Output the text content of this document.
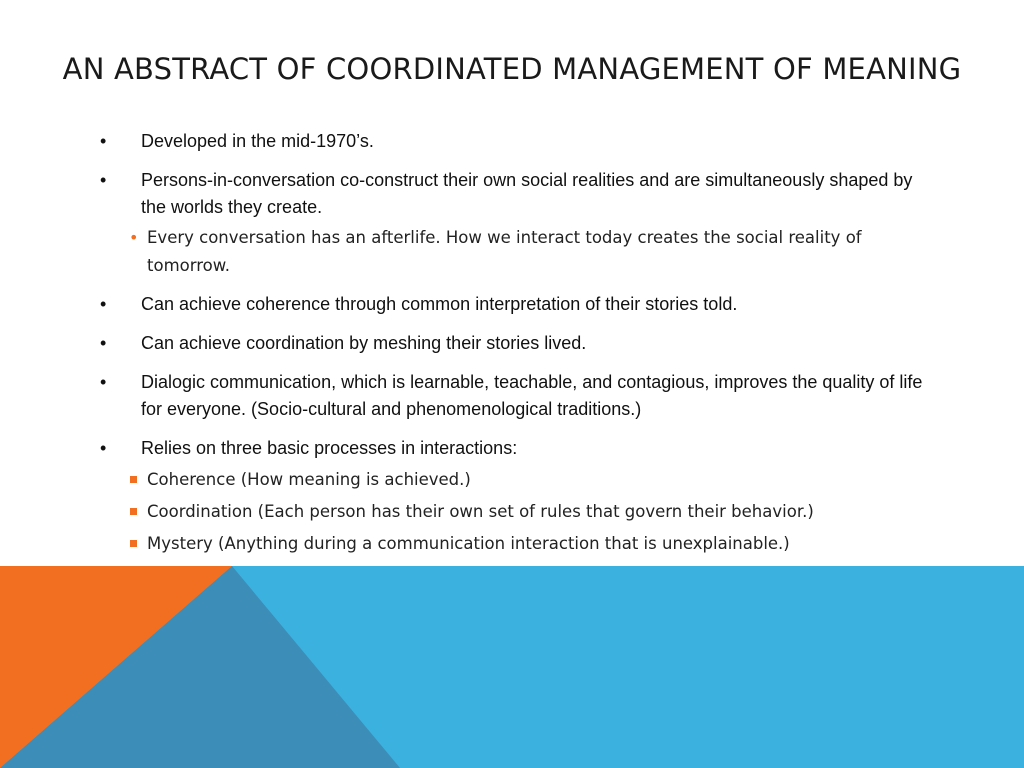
AN ABSTRACT OF COORDINATED MANAGEMENT OF MEANING
• Developed in the mid-1970’s.
• Persons-in-conversation co-construct their own social realities and are simultaneously shaped by the worlds they create.
• Every conversation has an afterlife. How we interact today creates the social reality of tomorrow.
• Can achieve coherence through common interpretation of their stories told.
• Can achieve coordination by meshing their stories lived.
• Dialogic communication, which is learnable, teachable, and contagious, improves the quality of life for everyone. (Socio-cultural and phenomenological traditions.)
• Relies on three basic processes in interactions:
Coherence (How meaning is achieved.)
Coordination (Each person has their own set of rules that govern their behavior.)
Mystery (Anything during a communication interaction that is unexplainable.)
